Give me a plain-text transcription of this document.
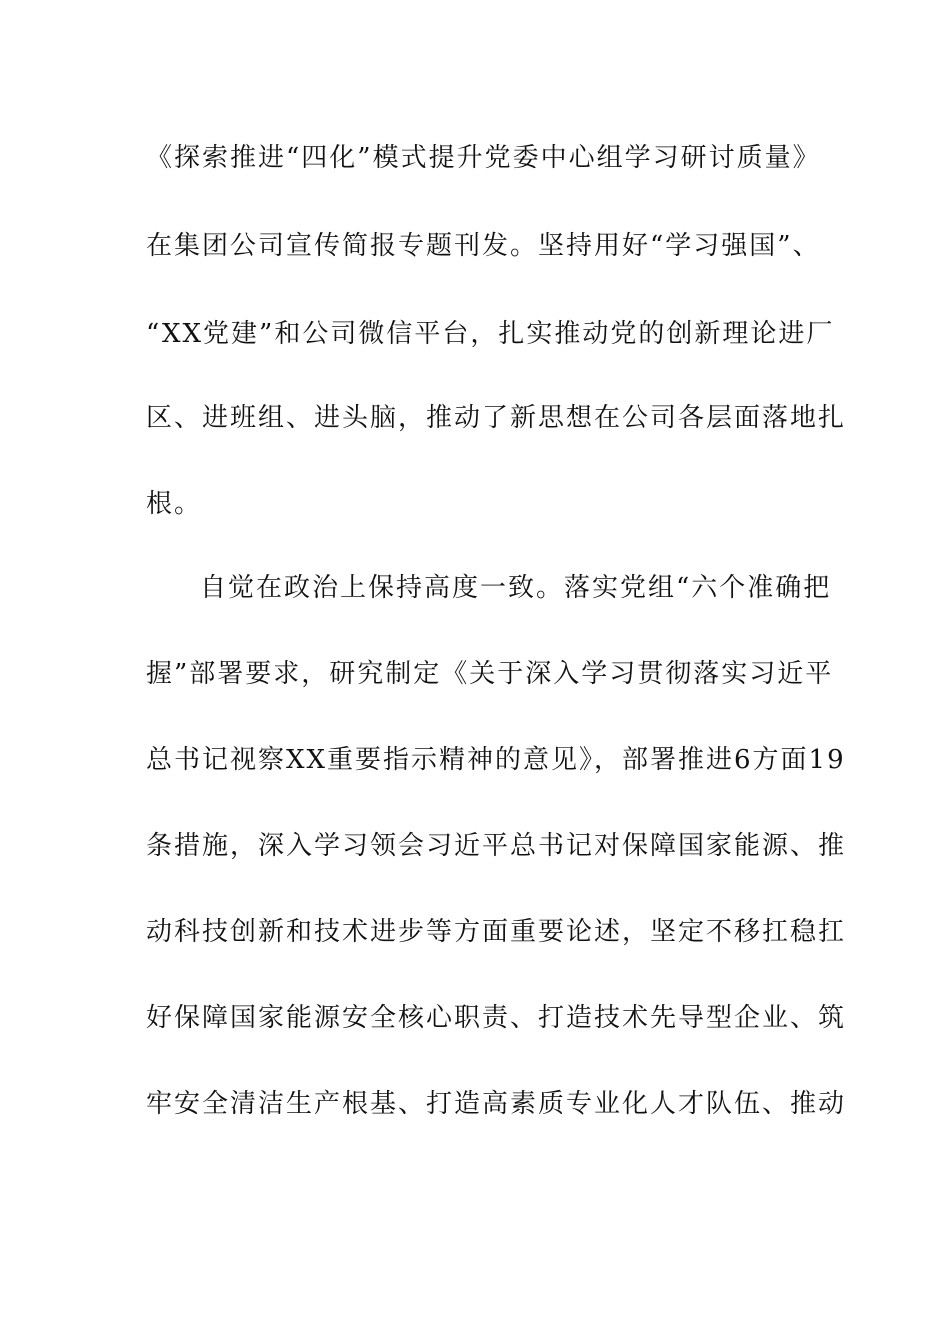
《探索推进“四化”模式提升党委中心组学习研讨质量》
在集团公司宣传简报专题刊发。坚持用好“学习强国”、
“XX党建”和公司微信平台，扎实推动党的创新理论进厂
区、进班组、进头脑，推动了新思想在公司各层面落地扎
根。
自觉在政治上保持高度一致。落实党组“六个准确把
握”部署要求，研究制定《关于深入学习贯彻落实习近平
总书记视察XX重要指示精神的意见》，部署推进6方面19
条措施，深入学习领会习近平总书记对保障国家能源、推
动科技创新和技术进步等方面重要论述，坚定不移扛稳扛
好保障国家能源安全核心职责、打造技术先导型企业、筑
牢安全清洁生产根基、打造高素质专业化人才队伍、推动
